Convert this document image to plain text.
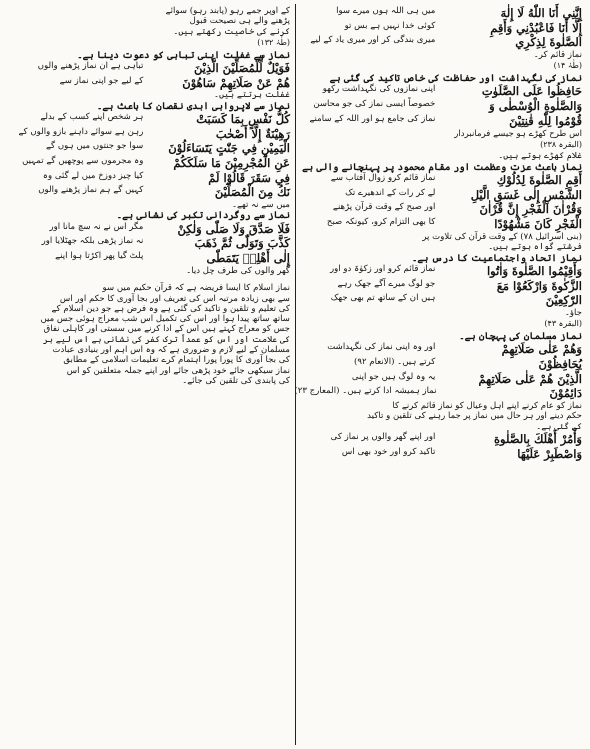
إِنَّنِي أَنَا اللّٰهُ لَا إِلٰهَ
میں ہی اللہ ہوں میرے سوا
إِلَّا أَنَا فَاعْبُدْنِي وَأَقِمِ
کوئی خدا نہیں ہے بس تو
الصَّلٰوةَ لِذِكْرِي
میری بندگی کر اور میری یاد کے لیے
نماز قائم کر۔
(طٰہٰ ۱۴)
نماز کی نگہداشت اور حفاظت کی خاص تاکید کی گئی ہے
حَافِظُوا عَلَى الصَّلَوٰتِ
اپنی نمازوں کی نگہداشت رکھو
وَالصَّلٰوةِ الْوُسْطٰى وَ
خصوصاً ایسی نماز کی جو محاسن
قُوْمُوا لِلّٰهِ قٰنِتِيْنَ
نماز کی جامع ہو اور اللہ کے سامنے
اس طرح کھڑے ہو جیسے فرمانبردار
(البقرہ ۲۳۸)
غلام کھڑے ہوتے ہیں۔
نماز باعث عزت وعظمت اور مقام محمود پر پہنچانے والی ہے
أَقِمِ الصَّلٰوةَ لِدُلُوْكِ
نماز قائم کرو زوال آفتاب سے
الشَّمْسِ إِلٰى غَسَقِ الَّيْلِ
لے کر رات کے اندھیرے تک
وَقُرْاٰنَ الْفَجْرِ إِنَّ قُرْاٰنَ
اور صبح کے وقت قرآن پڑھنے
الْفَجْرِ كَانَ مَشْهُوْدًا
کا بھی التزام کرو، کیونکہ صبح
(بنی اسرائیل ۷۸) کے وقت قرآن کی تلاوت پر
فرشتے گواہ ہوتے ہیں۔
نماز اتحاد واجتماعیت کا درس ہے۔
وَأَقِيْمُوا الصَّلٰوةَ وَاٰتُوا
نماز قائم کرو اور زکوٰۃ دو اور
الزَّكٰوةَ وَارْكَعُوْا مَعَ
جو لوگ میرے آگے جھک رہے
الرّٰكِعِيْنَ
ہیں ان کے ساتھ تم بھی جھک
جاؤ۔
(البقرہ ۴۳)
نماز مسلمان کی پہچان ہے۔
وَهُمْ عَلٰى صَلَاتِهِمْ
اور وہ اپنی نماز کی نگہداشت
يُحَافِظُوْنَ
کرتے ہیں۔ (الانعام ۹۲)
الَّذِيْنَ هُمْ عَلٰى صَلَاتِهِمْ
یہ وہ لوگ ہیں جو اپنی
دَائِمُوْنَ
نماز ہمیشہ ادا کرتے ہیں۔ (المعارج ۲۳)
نماز کو عام کرنے اپنے اہل وعیال کو نماز قائم کرنے کا
حکم دینے اور ہر حال میں نماز پر جما رہنے کی تلقین و تاکید
کی گئی ہے۔
وَأْمُرْ أَهْلَكَ بِالصَّلٰوةِ
اور اپنے گھر والوں پر نماز کی
وَاصْطَبِرْ عَلَيْهَا
تاکید کرو اور خود بھی اس
کے اوپر جمے رہو (پابند رہو) سوائے
پڑھنے والے ہی نصیحت قبول
کرنے کی خاصیت رکھتے ہیں۔
(طٰہٰ ۱۳۲)
نماز سے غفلت اپنی تباہی کو دعوت دینا ہے۔
فَوَيْلٌ لِّلْمُصَلِّيْنَ الَّذِيْنَ
تباہی ہے ان نماز پڑھنے والوں
هُمْ عَنْ صَلَاتِهِمْ سَاهُوْنَ
کے لیے جو اپنی نماز سے
غفلت برتتے ہیں۔
نماز سے لاپرواہی ابدی نقصان کا باعث ہے۔
كُلُّ نَفْسٍ بِمَا كَسَبَتْ
ہر شخص اپنے کسب کے بدلے
رَهِيْنَةٌ إِلَّا أَصْحٰبَ
رہن ہے سوائے داہنے بازو والوں کے
الْيَمِيْنِ فِي جَنّٰتٍ يَتَسَاءَلُوْنَ
سوا جو جنتوں میں ہوں گے
عَنِ الْمُجْرِمِيْنَ مَا سَلَكَكُمْ
وہ مجرموں سے پوچھیں گے تمہیں
فِي سَقَرَ قَالُوْا لَمْ
کیا چیز دوزخ میں لے گئی وہ
نَكُ مِنَ الْمُصَلِّيْنَ
کہیں گے ہم نماز پڑھنے والوں
میں سے نہ تھے۔
نماز سے روگردانی تکبر کی نشانی ہے۔
فَلَا صَدَّقَ وَلَا صَلّٰى وَلٰكِنْ
مگر اس نے نہ سچ مانا اور
كَذَّبَ وَتَوَلّٰى ثُمَّ ذَهَبَ
نہ نماز پڑھی بلکہ جھٹلایا اور
إِلٰى أَهْلِهٖ يَتَمَطّٰى
پلٹ گیا پھر اکڑتا ہوا اپنے
گھر والوں کی طرف چل دیا۔
نماز اسلام کا ایسا فریضہ ہے کہ قرآن حکیم میں سو
سے بھی زیادہ مرتبہ اس کی تعریف اور بجا آوری کا حکم اور اس
کی تعلیم و تلقین و تاکید کی گئی ہے وہ فرض ہے جو دین اسلام کے
ساتھ ساتھ پیدا ہوا اور اس کی تکمیل اس شب معراج ہوئی جس میں
جس کو معراج کہتے ہیں اس کے ادا کرنے میں سستی اور کاہلی نفاق
کی علامت اور اس کو عمداً ترک کفر کی نشانی ہے اس لیے ہر
مسلمان کے لیے لازم و ضروری ہے کہ وہ اس اہم اور بنیادی عبادت
کی بجا آوری کا پورا پورا اہتمام کرے تعلیمات اسلامی کے مطابق
نماز سیکھی جائے خود پڑھی جائے اور اپنے جملہ متعلقین کو اس
کی پابندی کی تلقین کی جائے۔
